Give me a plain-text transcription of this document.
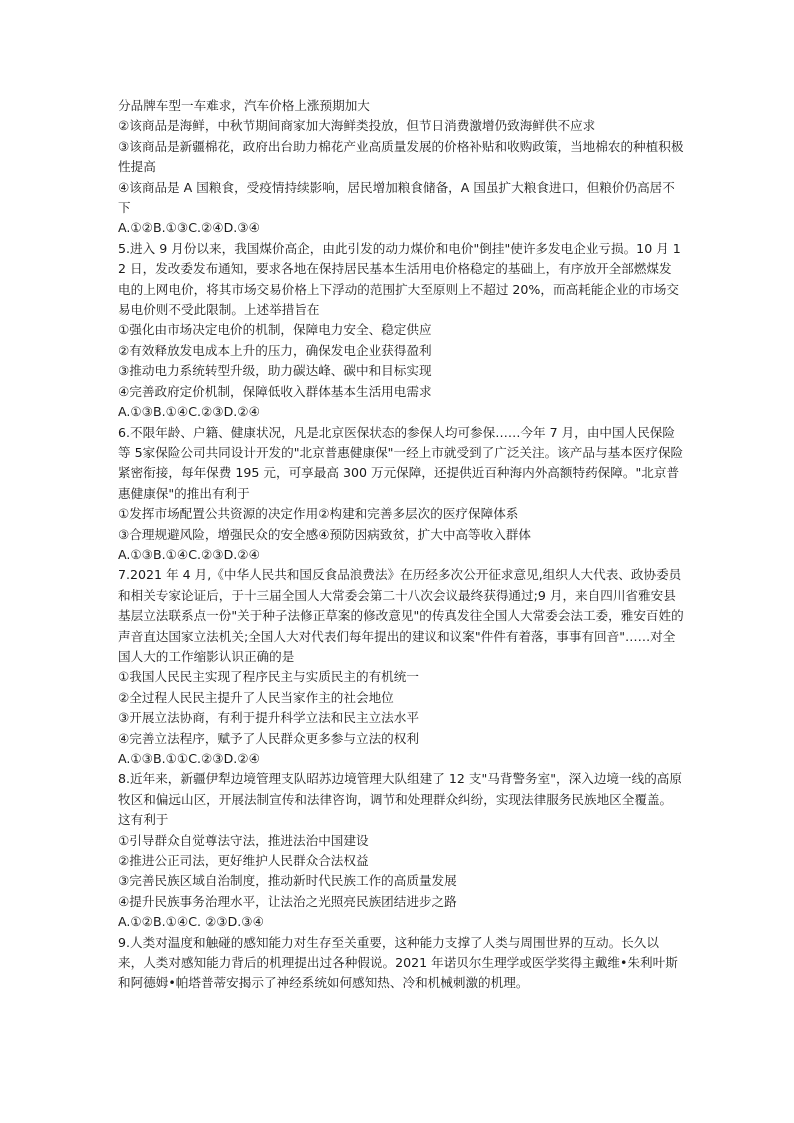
分品牌车型一车难求，汽车价格上涨预期加大

②该商品是海鲜，中秋节期间商家加大海鲜类投放，但节日消费激增仍致海鲜供不应求

③该商品是新疆棉花，政府出台助力棉花产业高质量发展的价格补贴和收购政策，当地棉农的种植积极性提高

④该商品是 A 国粮食，受疫情持续影响，居民增加粮食储备，A 国虽扩大粮食进口，但粮价仍高居不下

A.①②B.①③C.②④D.③④

5.进入 9 月份以来，我国煤价高企，由此引发的动力煤价和电价"倒挂"使许多发电企业亏损。10 月 12 日，发改委发布通知，要求各地在保持居民基本生活用电价格稳定的基础上，有序放开全部燃煤发电的上网电价，将其市场交易价格上下浮动的范围扩大至原则上不超过 20%，而高耗能企业的市场交易电价则不受此限制。上述举措旨在

①强化由市场决定电价的机制，保障电力安全、稳定供应

②有效释放发电成本上升的压力，确保发电企业获得盈利

③推动电力系统转型升级，助力碳达峰、碳中和目标实现

④完善政府定价机制，保障低收入群体基本生活用电需求

A.①③B.①④C.②③D.②④

6.不限年龄、户籍、健康状况，凡是北京医保状态的参保人均可参保……今年 7 月，由中国人民保险等 5家保险公司共同设计开发的"北京普惠健康保"一经上市就受到了广泛关注。该产品与基本医疗保险紧密衔接，每年保费 195 元，可享最高 300 万元保障，还提供近百种海内外高额特药保障。"北京普惠健康保"的推出有利于

①发挥市场配置公共资源的决定作用②构建和完善多层次的医疗保障体系

③合理规避风险，增强民众的安全感④预防因病致贫，扩大中高等收入群体

A.①③B.①④C.②③D.②④

7.2021 年 4 月,《中华人民共和国反食品浪费法》在历经多次公开征求意见,组织人大代表、政协委员和相关专家论证后，于十三届全国人大常委会第二十八次会议最终获得通过;9 月，来自四川省雅安县基层立法联系点一份"关于种子法修正草案的修改意见"的传真发往全国人大常委会法工委，雅安百姓的声音直达国家立法机关;全国人大对代表们每年提出的建议和议案"件件有着落，事事有回音"……对全国人大的工作缩影认识正确的是

①我国人民民主实现了程序民主与实质民主的有机统一

②全过程人民民主提升了人民当家作主的社会地位

③开展立法协商，有利于提升科学立法和民主立法水平

④完善立法程序，赋予了人民群众更多参与立法的权利

A.①③B.①①C.②③D.②④

8.近年来，新疆伊犁边境管理支队昭苏边境管理大队组建了 12 支"马背警务室"，深入边境一线的高原牧区和偏远山区，开展法制宣传和法律咨询，调节和处理群众纠纷，实现法律服务民族地区全覆盖。这有利于

①引导群众自觉尊法守法，推进法治中国建设

②推进公正司法，更好维护人民群众合法权益

③完善民族区域自治制度，推动新时代民族工作的高质量发展

④提升民族事务治理水平，让法治之光照亮民族团结进步之路

A.①②B.①④C. ②③D.③④

9.人类对温度和触碰的感知能力对生存至关重要，这种能力支撑了人类与周围世界的互动。长久以来，人类对感知能力背后的机理提出过各种假说。2021 年诺贝尔生理学或医学奖得主戴维•朱利叶斯和阿德姆•帕塔普蒂安揭示了神经系统如何感知热、冷和机械刺激的机理。
